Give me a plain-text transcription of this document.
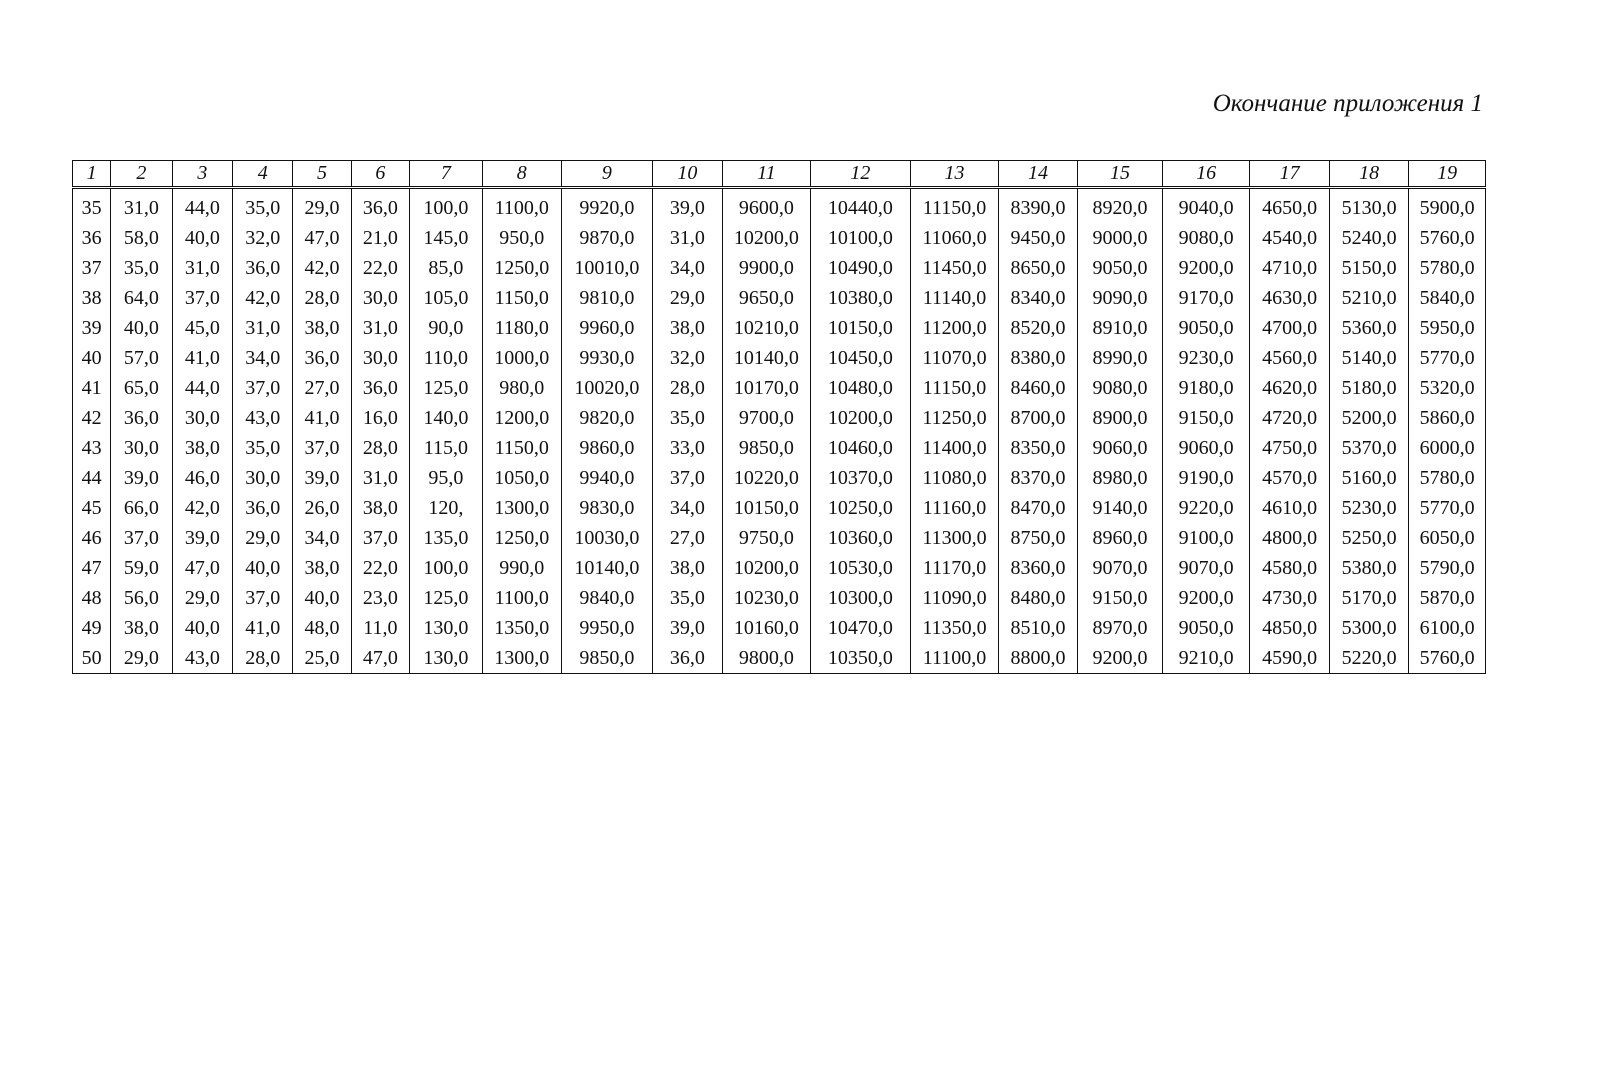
Окончание приложения 1
1	2	3	4	5	6	7	8	9	10	11	12	13	14	15	16	17	18	19
35	31,0	44,0	35,0	29,0	36,0	100,0	1100,0	9920,0	39,0	9600,0	10440,0	11150,0	8390,0	8920,0	9040,0	4650,0	5130,0	5900,0
36	58,0	40,0	32,0	47,0	21,0	145,0	950,0	9870,0	31,0	10200,0	10100,0	11060,0	9450,0	9000,0	9080,0	4540,0	5240,0	5760,0
37	35,0	31,0	36,0	42,0	22,0	85,0	1250,0	10010,0	34,0	9900,0	10490,0	11450,0	8650,0	9050,0	9200,0	4710,0	5150,0	5780,0
38	64,0	37,0	42,0	28,0	30,0	105,0	1150,0	9810,0	29,0	9650,0	10380,0	11140,0	8340,0	9090,0	9170,0	4630,0	5210,0	5840,0
39	40,0	45,0	31,0	38,0	31,0	90,0	1180,0	9960,0	38,0	10210,0	10150,0	11200,0	8520,0	8910,0	9050,0	4700,0	5360,0	5950,0
40	57,0	41,0	34,0	36,0	30,0	110,0	1000,0	9930,0	32,0	10140,0	10450,0	11070,0	8380,0	8990,0	9230,0	4560,0	5140,0	5770,0
41	65,0	44,0	37,0	27,0	36,0	125,0	980,0	10020,0	28,0	10170,0	10480,0	11150,0	8460,0	9080,0	9180,0	4620,0	5180,0	5320,0
42	36,0	30,0	43,0	41,0	16,0	140,0	1200,0	9820,0	35,0	9700,0	10200,0	11250,0	8700,0	8900,0	9150,0	4720,0	5200,0	5860,0
43	30,0	38,0	35,0	37,0	28,0	115,0	1150,0	9860,0	33,0	9850,0	10460,0	11400,0	8350,0	9060,0	9060,0	4750,0	5370,0	6000,0
44	39,0	46,0	30,0	39,0	31,0	95,0	1050,0	9940,0	37,0	10220,0	10370,0	11080,0	8370,0	8980,0	9190,0	4570,0	5160,0	5780,0
45	66,0	42,0	36,0	26,0	38,0	120,	1300,0	9830,0	34,0	10150,0	10250,0	11160,0	8470,0	9140,0	9220,0	4610,0	5230,0	5770,0
46	37,0	39,0	29,0	34,0	37,0	135,0	1250,0	10030,0	27,0	9750,0	10360,0	11300,0	8750,0	8960,0	9100,0	4800,0	5250,0	6050,0
47	59,0	47,0	40,0	38,0	22,0	100,0	990,0	10140,0	38,0	10200,0	10530,0	11170,0	8360,0	9070,0	9070,0	4580,0	5380,0	5790,0
48	56,0	29,0	37,0	40,0	23,0	125,0	1100,0	9840,0	35,0	10230,0	10300,0	11090,0	8480,0	9150,0	9200,0	4730,0	5170,0	5870,0
49	38,0	40,0	41,0	48,0	11,0	130,0	1350,0	9950,0	39,0	10160,0	10470,0	11350,0	8510,0	8970,0	9050,0	4850,0	5300,0	6100,0
50	29,0	43,0	28,0	25,0	47,0	130,0	1300,0	9850,0	36,0	9800,0	10350,0	11100,0	8800,0	9200,0	9210,0	4590,0	5220,0	5760,0
